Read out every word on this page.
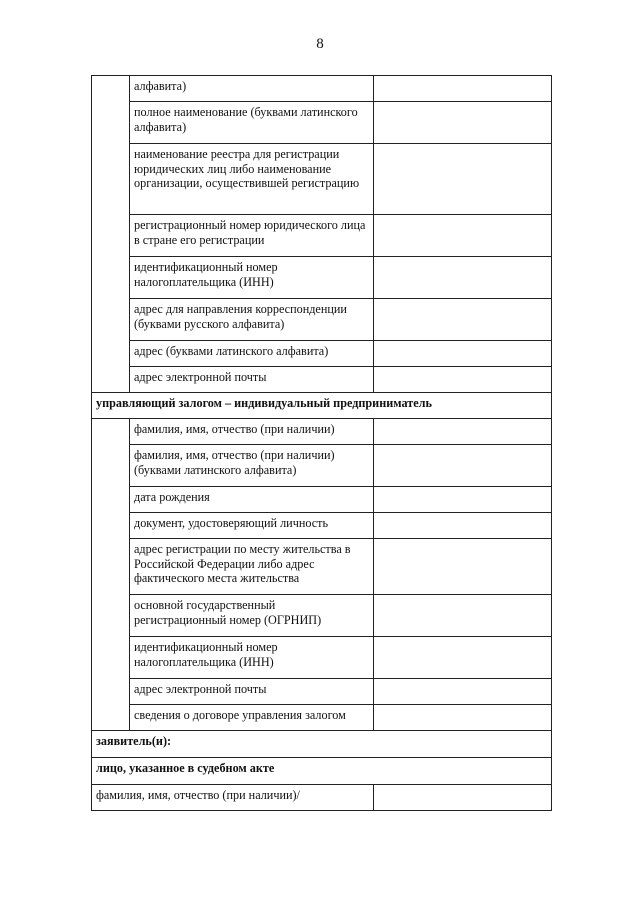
8
	алфавита)	
	полное наименование (буквами латинского алфавита)	
	наименование реестра для регистрации юридических лиц либо наименование организации, осуществившей регистрацию	
	регистрационный номер юридического лица в стране его регистрации	
	идентификационный номер налогоплательщика (ИНН)	
	адрес для направления корреспонденции (буквами русского алфавита)	
	адрес (буквами латинского алфавита)	
	адрес электронной почты	
управляющий залогом – индивидуальный предприниматель		
	фамилия, имя, отчество (при наличии)	
	фамилия, имя, отчество (при наличии) (буквами латинского алфавита)	
	дата рождения	
	документ, удостоверяющий личность	
	адрес регистрации по месту жительства в Российской Федерации либо адрес фактического места жительства	
	основной государственный регистрационный номер (ОГРНИП)	
	идентификационный номер налогоплательщика (ИНН)	
	адрес электронной почты	
	сведения о договоре управления залогом	
заявитель(и):		
лицо, указанное в судебном акте		
фамилия, имя, отчество (при наличии)/		
